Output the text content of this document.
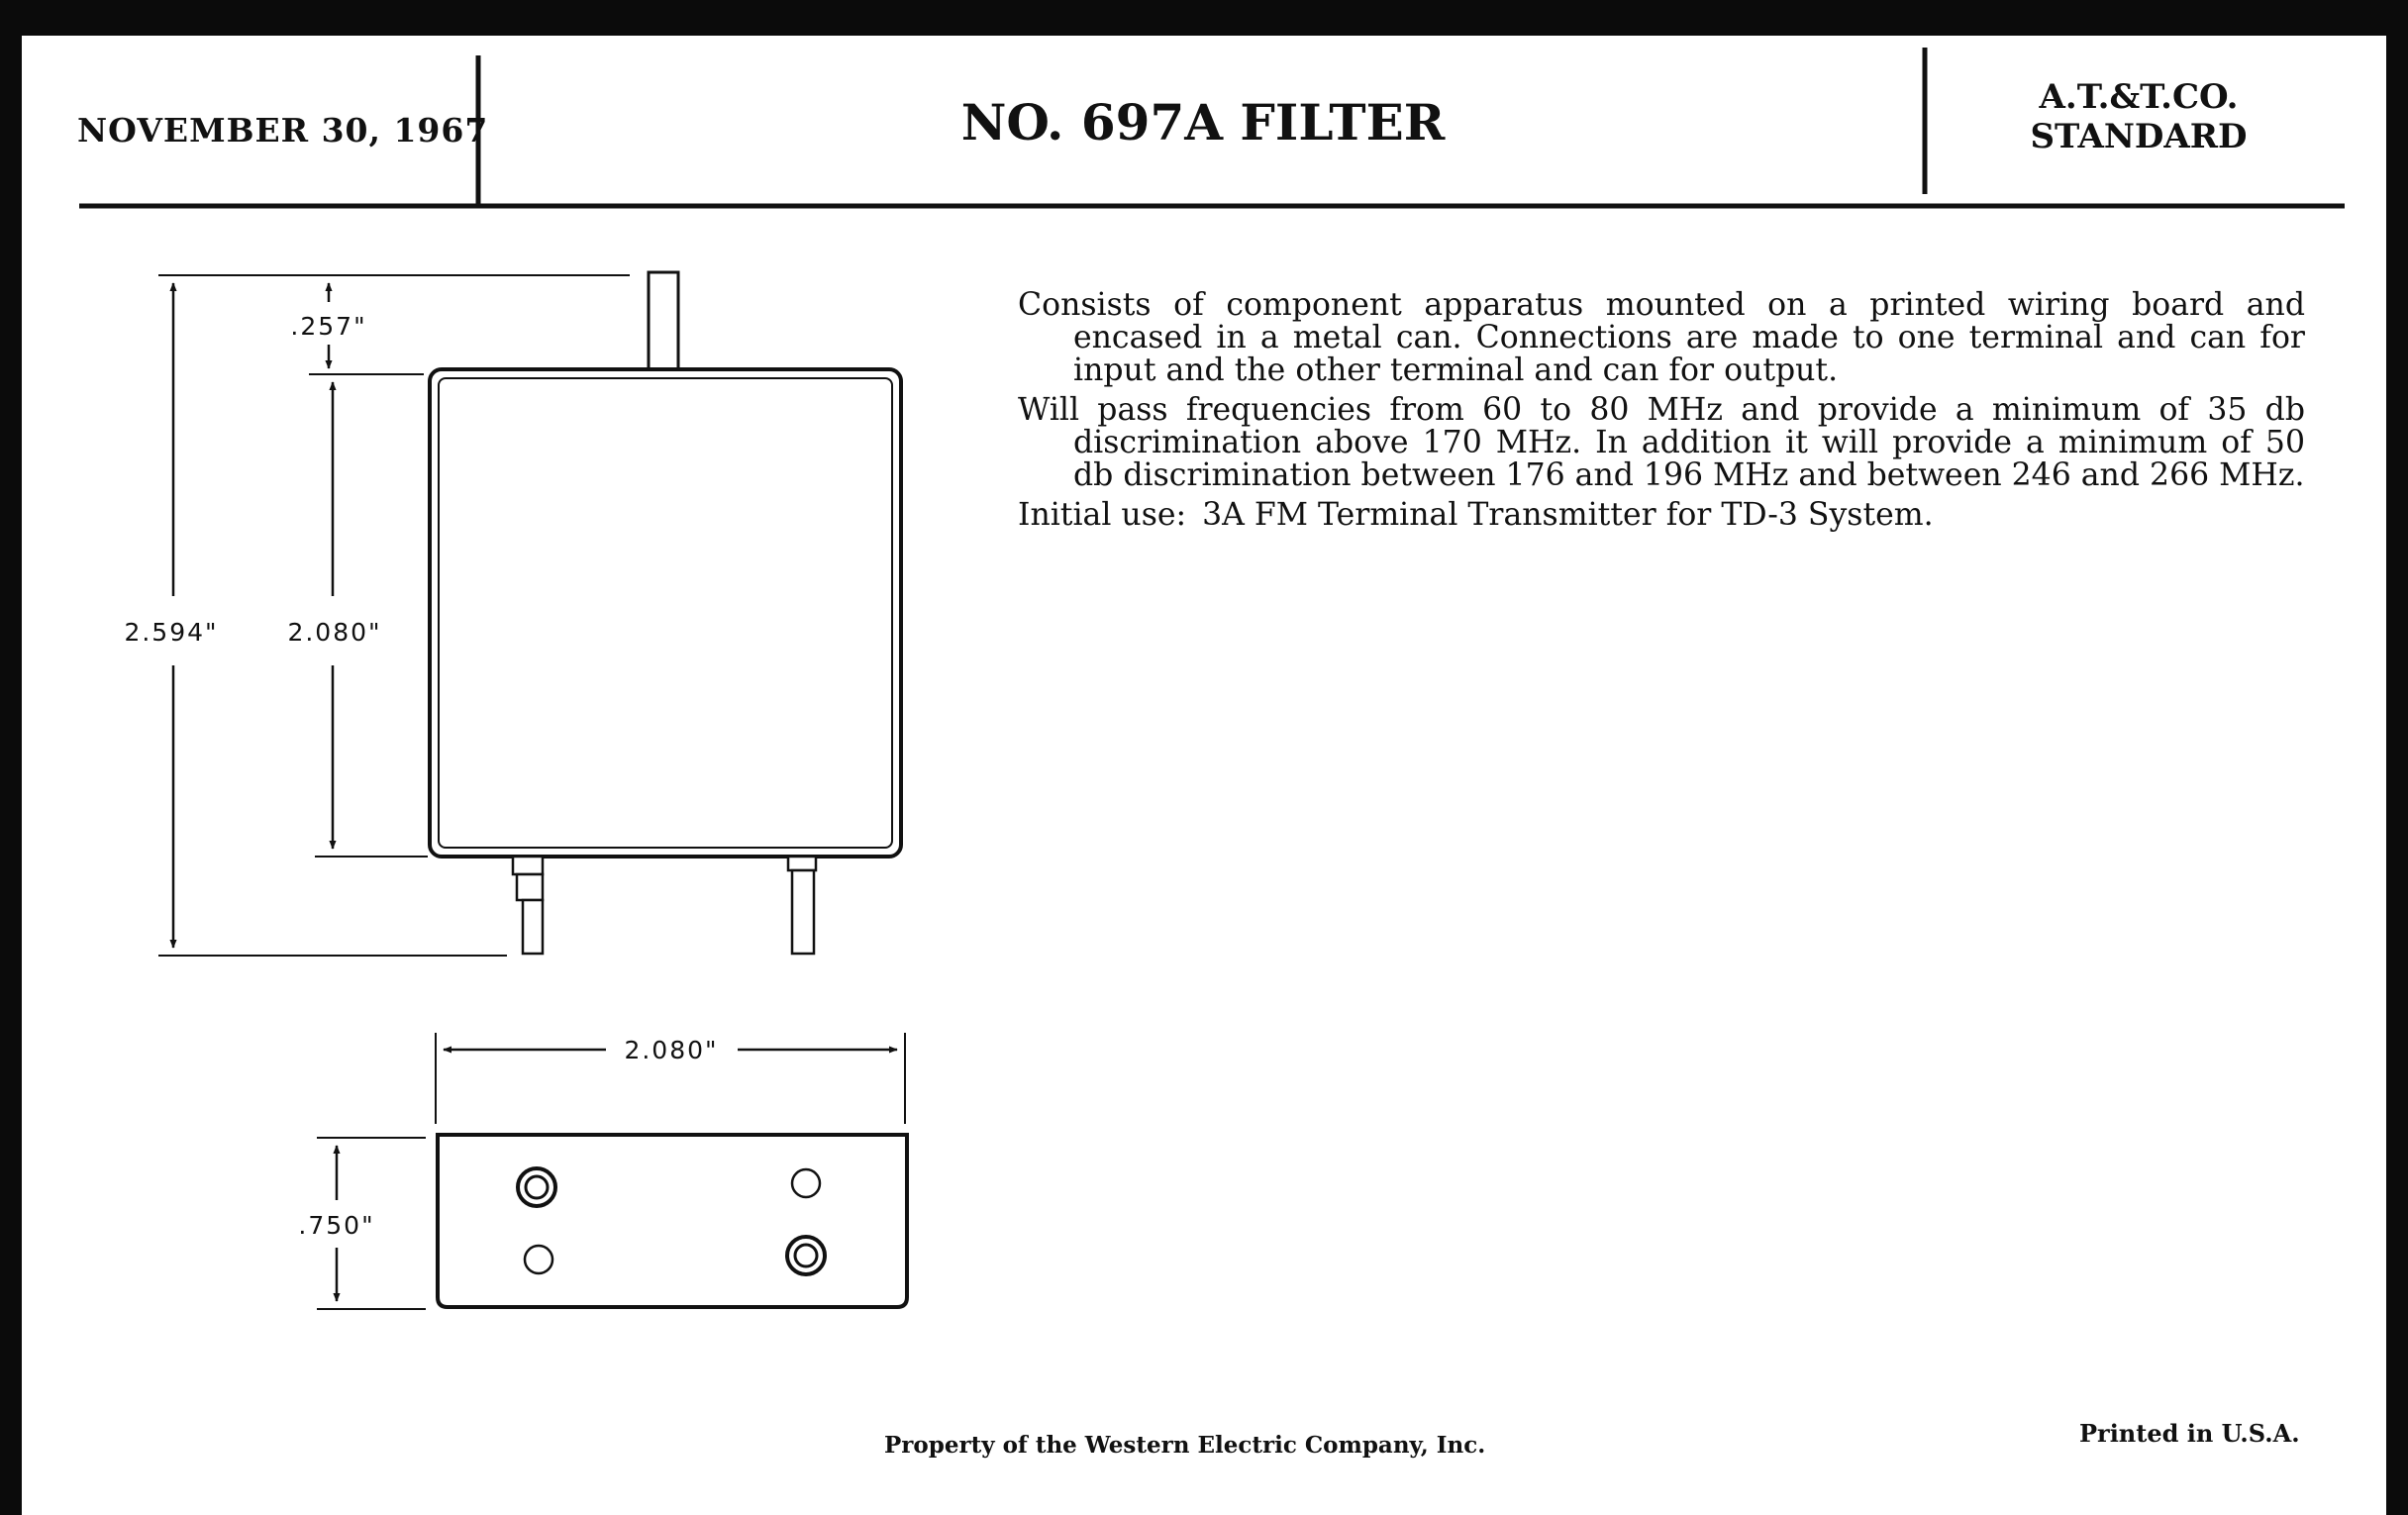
NOVEMBER 30, 1967	NO. 697A FILTER	A.T.&T.CO.
STANDARD
2.594"
.257"
2.080"
2.080"
.750"

Consists of component apparatus mounted on a printed wiring board and encased in a metal can. Connections are made to one terminal and can for input and the other terminal and can for output.

Will pass frequencies from 60 to 80 MHz and provide a minimum of 35 db discrimination above 170 MHz. In addition it will provide a minimum of 50 db discrimination between 176 and 196 MHz and between 246 and 266 MHz.

Initial use: 3A FM Terminal Transmitter for TD-3 System.

Property of the Western Electric Company, Inc.	Printed in U.S.A.
